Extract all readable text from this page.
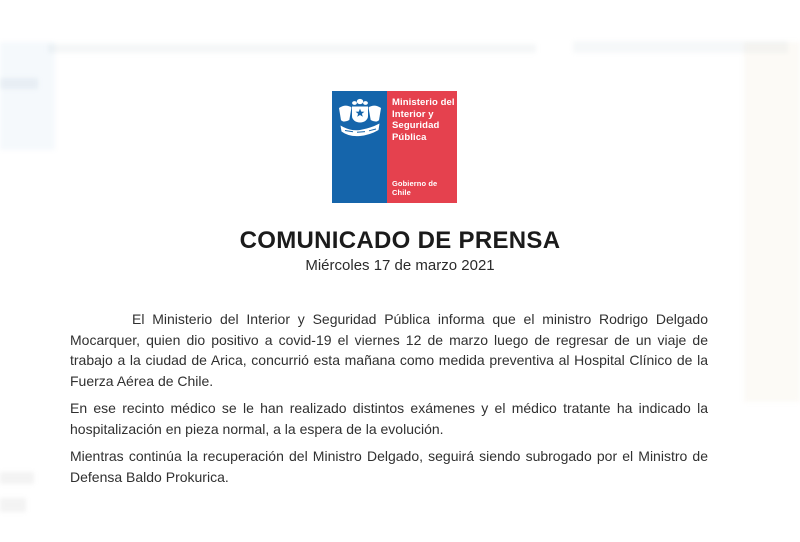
Ministerio del
Interior y
Seguridad
Pública
Gobierno de Chile
COMUNICADO DE PRENSA
Miércoles 17 de marzo 2021

El Ministerio del Interior y Seguridad Pública informa que el ministro Rodrigo Delgado Mocarquer, quien dio positivo a covid-19 el viernes 12 de marzo luego de regresar de un viaje de trabajo a la ciudad de Arica, concurrió esta mañana como medida preventiva al Hospital Clínico de la Fuerza Aérea de Chile.

En ese recinto médico se le han realizado distintos exámenes y el médico tratante ha indicado la hospitalización en pieza normal, a la espera de la evolución.

Mientras continúa la recuperación del Ministro Delgado, seguirá siendo subrogado por el Ministro de Defensa Baldo Prokurica.
